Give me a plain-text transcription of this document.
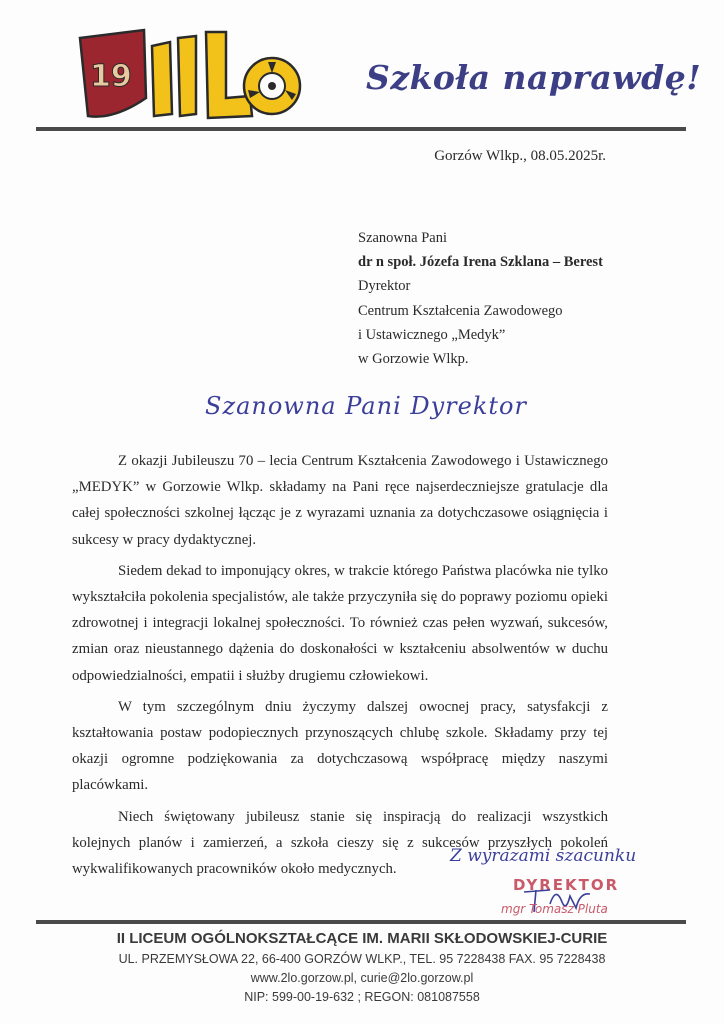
19	Szkoła naprawdę!
Gorzów Wlkp., 08.05.2025r.
Szanowna Pani
dr n społ. Józefa Irena Szklana – Berest
Dyrektor
Centrum Kształcenia Zawodowego
i Ustawicznego „Medyk”
w Gorzowie Wlkp.
Szanowna Pani Dyrektor

Z okazji Jubileuszu 70 – lecia Centrum Kształcenia Zawodowego i Ustawicznego „MEDYK” w Gorzowie Wlkp. składamy na Pani ręce najserdeczniejsze gratulacje dla całej społeczności szkolnej łącząc je z wyrazami uznania za dotychczasowe osiągnięcia i sukcesy w pracy dydaktycznej.

Siedem dekad to imponujący okres, w trakcie którego Państwa placówka nie tylko wykształciła pokolenia specjalistów, ale także przyczyniła się do poprawy poziomu opieki zdrowotnej i integracji lokalnej społeczności. To również czas pełen wyzwań, sukcesów, zmian oraz nieustannego dążenia do doskonałości w kształceniu absolwentów w duchu odpowiedzialności, empatii i służby drugiemu człowiekowi.

W tym szczególnym dniu życzymy dalszej owocnej pracy, satysfakcji z kształtowania postaw podopiecznych przynoszących chlubę szkole. Składamy przy tej okazji ogromne podziękowania za dotychczasową współpracę między naszymi placówkami.

Niech świętowany jubileusz stanie się inspiracją do realizacji wszystkich kolejnych planów i zamierzeń, a szkoła cieszy się z sukcesów przyszłych pokoleń wykwalifikowanych pracowników około medycznych.

Z wyrazami szacunku
DYREKTOR
mgr Tomasz Pluta
II LICEUM OGÓLNOKSZTAŁCĄCE IM. MARII SKŁODOWSKIEJ-CURIE
UL. PRZEMYSŁOWA 22, 66-400 GORZÓW WLKP., TEL. 95 7228438 FAX. 95 7228438
www.2lo.gorzow.pl, curie@2lo.gorzow.pl
NIP: 599-00-19-632 ; REGON: 081087558
